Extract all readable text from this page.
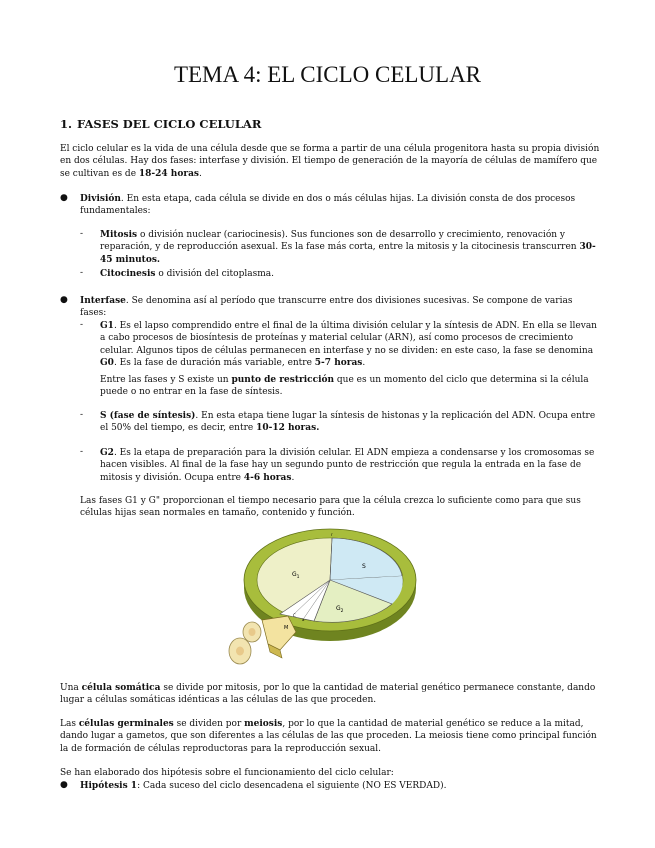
TEMA 4: EL CICLO CELULAR
1. FASES DEL CICLO CELULAR

El ciclo celular es la vida de una célula desde que se forma a partir de una célula progenitora hasta su propia división en dos células. Hay dos fases: interfase y división. El tiempo de generación de la mayoría de células de mamífero que se cultivan es de 18-24 horas.

● División. En esta etapa, cada célula se divide en dos o más células hijas. La división consta de dos procesos fundamentales:

- Mitosis o división nuclear (cariocinesis). Sus funciones son de desarrollo y crecimiento, renovación y reparación, y de reproducción asexual. Es la fase más corta, entre la mitosis y la citocinesis transcurren 30-45 minutos.

- Citocinesis o división del citoplasma.

● Interfase. Se denomina así al período que transcurre entre dos divisiones sucesivas. Se compone de varias fases:

- G1. Es el lapso comprendido entre el final de la última división celular y la síntesis de ADN. En ella se llevan a cabo procesos de biosíntesis de proteínas y material celular (ARN), así como procesos de crecimiento celular. Algunos tipos de células permanecen en interfase y no se dividen: en este caso, la fase se denomina G0. Es la fase de duración más variable, entre 5-7 horas.

Entre las fases y S existe un punto de restricción que es un momento del ciclo que determina si la célula puede o no entrar en la fase de síntesis.

- S (fase de síntesis). En esta etapa tiene lugar la síntesis de histonas y la replicación del ADN. Ocupa entre el 50% del tiempo, es decir, entre 10-12 horas.

- G2. Es la etapa de preparación para la división celular. El ADN empieza a condensarse y los cromosomas se hacen visibles. Al final de la fase hay un segundo punto de restricción que regula la entrada en la fase de mitosis y división. Ocupa entre 4-6 horas.

Las fases G1 y G" proporcionan el tiempo necesario para que la célula crezca lo suficiente como para que sus células hijas sean normales en tamaño, contenido y función.

$G_1$
S
$G_2$
M
C
a
r

Una célula somática se divide por mitosis, por lo que la cantidad de material genético permanece constante, dando lugar a células somáticas idénticas a las células de las que proceden.

Las células germinales se dividen por meiosis, por lo que la cantidad de material genético se reduce a la mitad, dando lugar a gametos, que son diferentes a las células de las que proceden. La meiosis tiene como principal función la de formación de células reproductoras para la reproducción sexual.

Se han elaborado dos hipótesis sobre el funcionamiento del ciclo celular:

● Hipótesis 1: Cada suceso del ciclo desencadena el siguiente (NO ES VERDAD).
